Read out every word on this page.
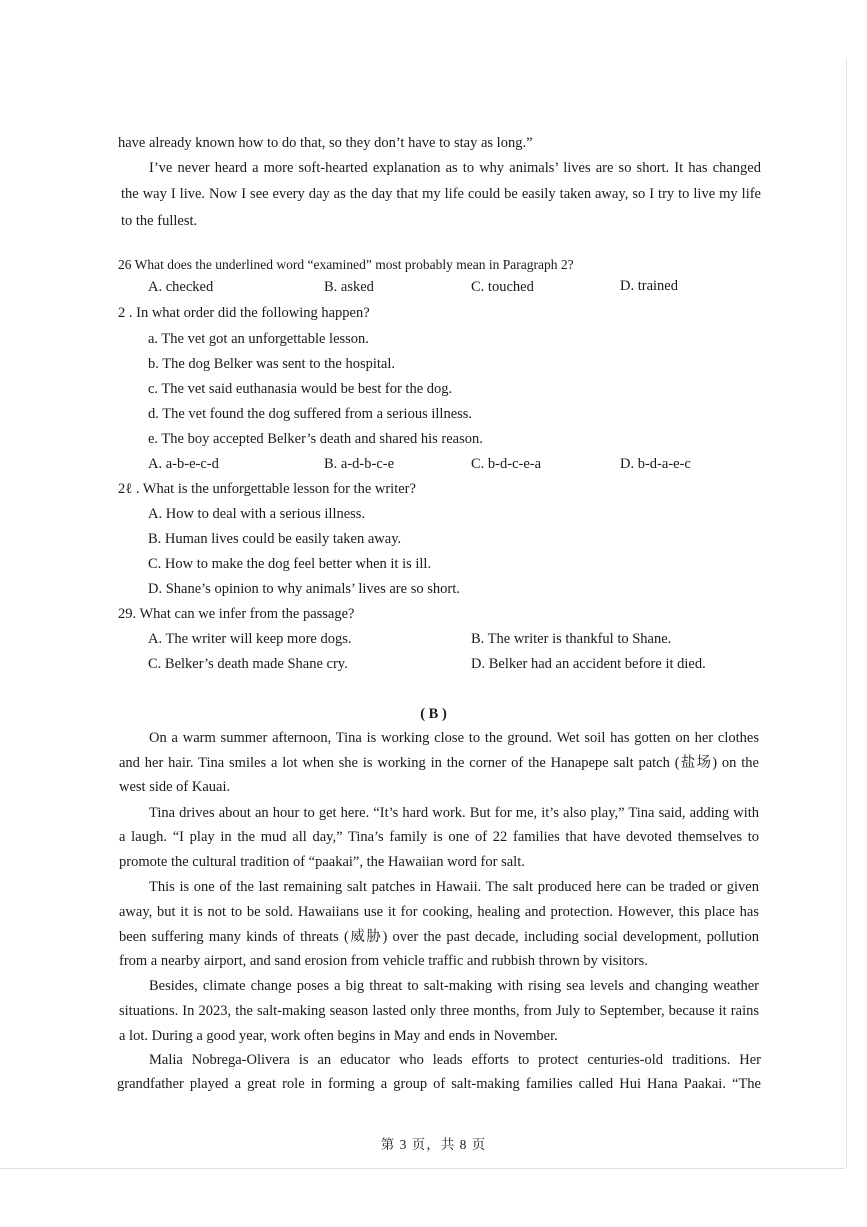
have already known how to do that, so they don’t have to stay as long.”
I’ve never heard a more soft-hearted explanation as to why animals’ lives are so short. It has changed
the way I live. Now I see every day as the day that my life could be easily taken away, so I try to live my life
to the fullest.
26 What does the underlined word “examined” most probably mean in Paragraph 2?
A. checked	B. asked	C. touched	D. trained
2 . In what order did the following happen?
a. The vet got an unforgettable lesson.
b. The dog Belker was sent to the hospital.
c. The vet said euthanasia would be best for the dog.
d. The vet found the dog suffered from a serious illness.
e. The boy accepted Belker’s death and shared his reason.
A. a-b-e-c-d	B. a-d-b-c-e	C. b-d-c-e-a	D. b-d-a-e-c
2ℓ . What is the unforgettable lesson for the writer?
A. How to deal with a serious illness.
B. Human lives could be easily taken away.
C. How to make the dog feel better when it is ill.
D. Shane’s opinion to why animals’ lives are so short.
29. What can we infer from the passage?
A. The writer will keep more dogs.	B. The writer is thankful to Shane.
C. Belker’s death made Shane cry.	D. Belker had an accident before it died.
( B )
On a warm summer afternoon, Tina is working close to the ground. Wet soil has gotten on her clothes
and her hair. Tina smiles a lot when she is working in the corner of the Hanapepe salt patch (盐场) on the
west side of Kauai.
Tina drives about an hour to get here. “It’s hard work. But for me, it’s also play,” Tina said, adding with
a laugh. “I play in the mud all day,” Tina’s family is one of 22 families that have devoted themselves to
promote the cultural tradition of “paakai”, the Hawaiian word for salt.
This is one of the last remaining salt patches in Hawaii. The salt produced here can be traded or given
away, but it is not to be sold. Hawaiians use it for cooking, healing and protection. However, this place has
been suffering many kinds of threats (威胁) over the past decade, including social development, pollution
from a nearby airport, and sand erosion from vehicle traffic and rubbish thrown by visitors.
Besides, climate change poses a big threat to salt-making with rising sea levels and changing weather
situations. In 2023, the salt-making season lasted only three months, from July to September, because it rains
a lot. During a good year, work often begins in May and ends in November.
Malia Nobrega-Olivera is an educator who leads efforts to protect centuries-old traditions. Her
grandfather played a great role in forming a group of salt-making families called Hui Hana Paakai. “The
第 3 页，共 8 页
